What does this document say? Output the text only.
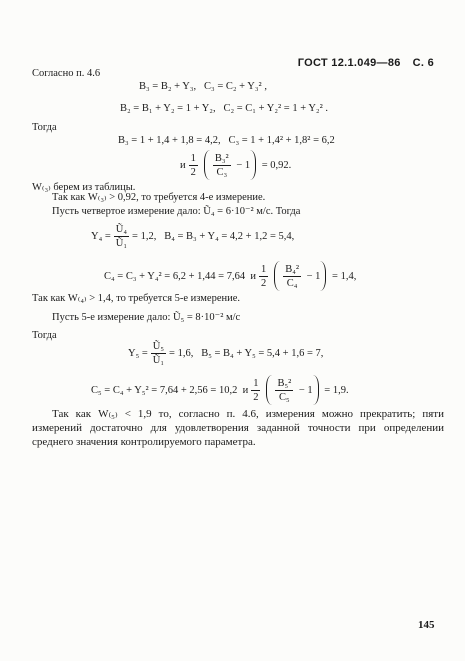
ГОСТ 12.1.049—86 С. 6

Согласно п. 4.6
B₃ = B₂ + Y₃,   C₃ = C₂ + Y₃² ,
B₂ = B₁ + Y₂ = 1 + Y₂,   C₂ = C₁ + Y₂² = 1 + Y₂² .
Тогда
B₃ = 1 + 1,4 + 1,8 = 4,2,   C₃ = 1 + 1,4² + 1,8² = 6,2
и $\frac{1}{2} \frac{\text{B₃²}}{\text{C₃}} - 1 = 0,92$.
W₍₃₎ берем из таблицы.
Так как W₍₃₎ > 0,92, то требуется 4-е измерение.
Пусть четвертое измерение дало: Ũ₄ = 6·10⁻² м/с. Тогда
$Y_4 = \frac{\text{Ũ₄}}{\text{Ũ₁}} = 1,2$,   B₄ = B₃ + Y₄ = 4,2 + 1,2 = 5,4,
C₄ = C₃ + Y₄² = 6,2 + 1,44 = 7,64  и $\frac{1}{2} \frac{\text{B₄²}}{\text{C₄}} - 1 = 1,4$,
Так как W₍₄₎ > 1,4, то требуется 5-е измерение.
Пусть 5-е измерение дало: Ũ₅ = 8·10⁻² м/с
Тогда
$Y_5 = \frac{\text{Ũ₅}}{\text{Ũ₁}} = 1,6$,   B₅ = B₄ + Y₅ = 5,4 + 1,6 = 7,
C₅ = C₄ + Y₅² = 7,64 + 2,56 = 10,2  и $\frac{1}{2} \frac{\text{B₅²}}{\text{C₅}} - 1 = 1,9$.
Так как W₍₅₎ < 1,9 то, согласно п. 4.6, измерения можно прекратить; пяти измерений достаточно для удовлетворения заданной точности при определении среднего значения контролируемого параметра.
145
